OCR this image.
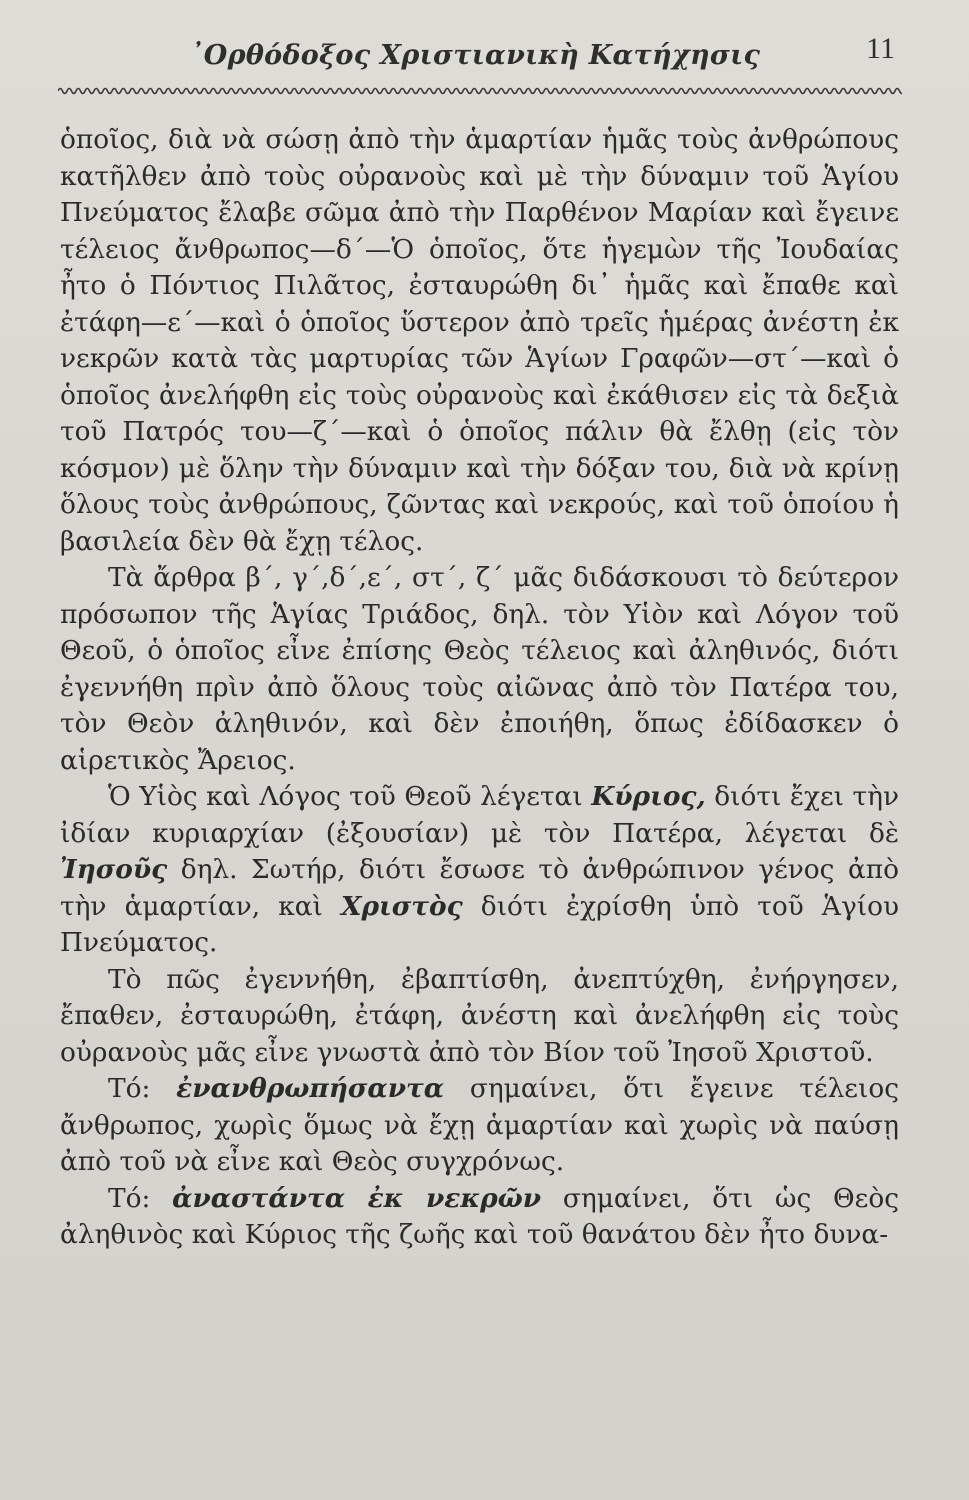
᾿Ορθόδοξος Χριστιανικὴ Κατήχησις	11

ὁποῖος, διὰ νὰ σώσῃ ἀπὸ τὴν ἁμαρτίαν ἡμᾶς τοὺς ἀνθρώπους κατῆλθεν ἀπὸ τοὺς οὐρανοὺς καὶ μὲ τὴν δύναμιν τοῦ Ἁγίου Πνεύματος ἔλαβε σῶμα ἀπὸ τὴν Παρθένον Μαρίαν καὶ ἔγεινε τέλειος ἄνθρωπος—δ΄—Ὁ ὁποῖος, ὅτε ἡγεμὼν τῆς Ἰουδαίας ἦτο ὁ Πόντιος Πιλᾶτος, ἐσταυρώθη δι᾿ ἡμᾶς καὶ ἔπαθε καὶ ἐτάφη—ε΄—καὶ ὁ ὁποῖος ὕστερον ἀπὸ τρεῖς ἡμέρας ἀνέστη ἐκ νεκρῶν κατὰ τὰς μαρτυρίας τῶν Ἁγίων Γραφῶν—στ΄—καὶ ὁ ὁποῖος ἀνελήφθη εἰς τοὺς οὐρανοὺς καὶ ἐκάθισεν εἰς τὰ δεξιὰ τοῦ Πατρός του—ζ΄—καὶ ὁ ὁποῖος πάλιν θὰ ἔλθῃ (εἰς τὸν κόσμον) μὲ ὅλην τὴν δύναμιν καὶ τὴν δόξαν του, διὰ νὰ κρίνῃ ὅλους τοὺς ἀνθρώπους, ζῶντας καὶ νεκρούς, καὶ τοῦ ὁποίου ἡ βασιλεία δὲν θὰ ἔχῃ τέλος.

Τὰ ἄρθρα β΄, γ΄,δ΄,ε΄, στ΄, ζ΄ μᾶς διδάσκουσι τὸ δεύτερον πρόσωπον τῆς Ἁγίας Τριάδος, δηλ. τὸν Υἱὸν καὶ Λόγον τοῦ Θεοῦ, ὁ ὁποῖος εἶνε ἐπίσης Θεὸς τέλειος καὶ ἀληθινός, διότι ἐγεννήθη πρὶν ἀπὸ ὅλους τοὺς αἰῶνας ἀπὸ τὸν Πατέρα του, τὸν Θεὸν ἀληθινόν, καὶ δὲν ἐποιήθη, ὅπως ἐδίδασκεν ὁ αἱρετικὸς Ἄρειος.

Ὁ Υἱὸς καὶ Λόγος τοῦ Θεοῦ λέγεται Κύριος, διότι ἔχει τὴν ἰδίαν κυριαρχίαν (ἐξουσίαν) μὲ τὸν Πατέρα, λέγεται δὲ Ἰησοῦς δηλ. Σωτήρ, διότι ἔσωσε τὸ ἀνθρώπινον γένος ἀπὸ τὴν ἁμαρτίαν, καὶ Χριστὸς διότι ἐχρίσθη ὑπὸ τοῦ Ἁγίου Πνεύματος.

Τὸ πῶς ἐγεννήθη, ἐβαπτίσθη, ἀνεπτύχθη, ἐνήργησεν, ἔπαθεν, ἐσταυρώθη, ἐτάφη, ἀνέστη καὶ ἀνελήφθη εἰς τοὺς οὐρανοὺς μᾶς εἶνε γνωστὰ ἀπὸ τὸν Βίον τοῦ Ἰησοῦ Χριστοῦ.

Τό: ἐνανθρωπήσαντα σημαίνει, ὅτι ἔγεινε τέλειος ἄνθρωπος, χωρὶς ὅμως νὰ ἔχῃ ἁμαρτίαν καὶ χωρὶς νὰ παύσῃ ἀπὸ τοῦ νὰ εἶνε καὶ Θεὸς συγχρόνως.

Τό: ἀναστάντα ἐκ νεκρῶν σημαίνει, ὅτι ὡς Θεὸς ἀληθινὸς καὶ Κύριος τῆς ζωῆς καὶ τοῦ θανάτου δὲν ἦτο δυνα-
